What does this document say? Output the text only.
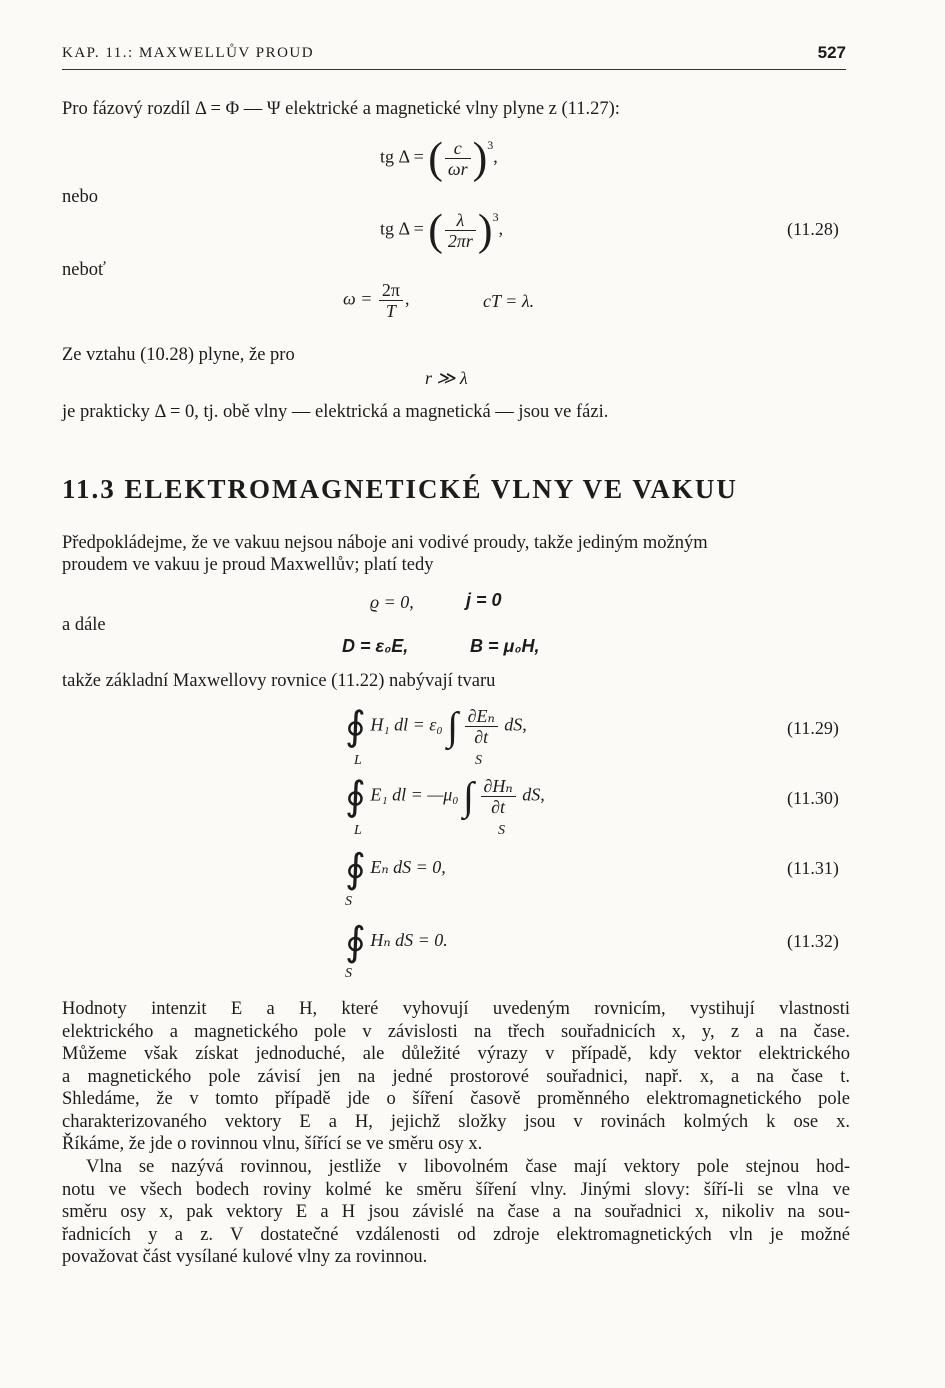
KAP. 11.: MAXWELLŮV PROUD	527
Pro fázový rozdíl Δ = Φ — Ψ elektrické a magnetické vlny plyne z (11.27):
tg Δ = ( $\frac{c}{\omega r} )^3$,
nebo
tg Δ = ( $\frac{\lambda}{2\pi r} )^3$,	(11.28)
neboť
$\omega = \frac{2\pi}{T}$ ,	cT = λ.
Ze vztahu (10.28) plyne, že pro
r ≫ λ
je prakticky Δ = 0, tj. obě vlny — elektrická a magnetická — jsou ve fázi.
11.3 ELEKTROMAGNETICKÉ VLNY VE VAKUU
Předpokládejme, že ve vakuu nejsou náboje ani vodivé proudy, takže jediným možným
proudem ve vakuu je proud Maxwellův; platí tedy
ϱ = 0,	j = 0
a dále
D = ε₀E,	B = μ₀H,
takže základní Maxwellovy rovnice (11.22) nabývají tvaru
∮ H₁ dl = ε₀ ∫ $\frac{\text{∂Eₙ}}{\partial t}$ dS,
L	S
(11.29)
∮ E₁ dl = —μ₀ ∫ $\frac{\text{∂Hₙ}}{\partial t}$ dS,
L	S
(11.30)
∮ Eₙ dS = 0,
S
(11.31)
∮ Hₙ dS = 0.
S
(11.32)
Hodnoty intenzit E a H, které vyhovují uvedeným rovnicím, vystihují vlastnosti
elektrického a magnetického pole v závislosti na třech souřadnicích x, y, z a na čase.
Můžeme však získat jednoduché, ale důležité výrazy v případě, kdy vektor elektrického
a magnetického pole závisí jen na jedné prostorové souřadnici, např. x, a na čase t.
Shledáme, že v tomto případě jde o šíření časově proměnného elektromagnetického pole
charakterizovaného vektory E a H, jejichž složky jsou v rovinách kolmých k ose x.
Říkáme, že jde o rovinnou vlnu, šířící se ve směru osy x.
Vlna se nazývá rovinnou, jestliže v libovolném čase mají vektory pole stejnou hod-
notu ve všech bodech roviny kolmé ke směru šíření vlny. Jinými slovy: šíří-li se vlna ve
směru osy x, pak vektory E a H jsou závislé na čase a na souřadnici x, nikoliv na sou-
řadnicích y a z. V dostatečné vzdálenosti od zdroje elektromagnetických vln je možné
považovat část vysílané kulové vlny za rovinnou.
